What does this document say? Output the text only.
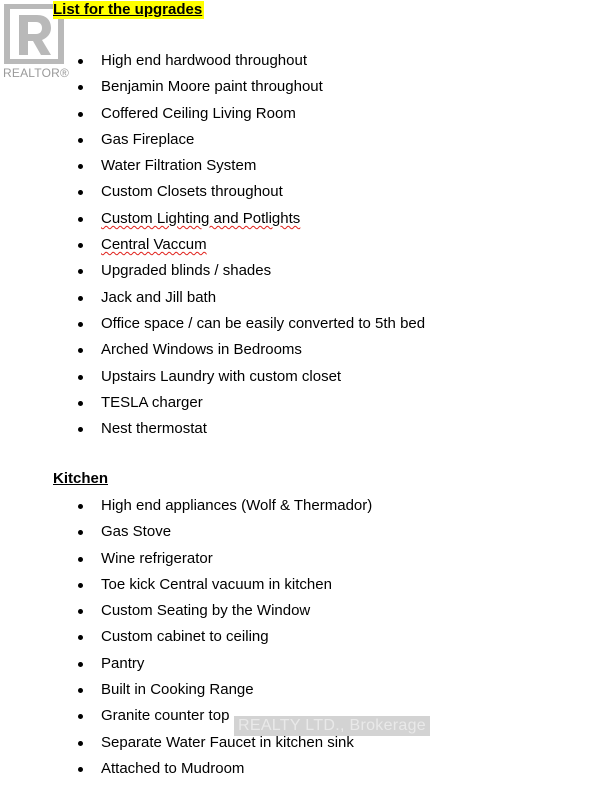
REALTOR®
List for the upgrades
High end hardwood throughout
Benjamin Moore paint throughout
Coffered Ceiling Living Room
Gas Fireplace
Water Filtration System
Custom Closets throughout
Custom Lighting and Potlights
Central Vaccum
Upgraded blinds / shades
Jack and Jill bath
Office space / can be easily converted to 5th bed
Arched Windows in Bedrooms
Upstairs Laundry with custom closet
TESLA charger
Nest thermostat
Kitchen
High end appliances (Wolf & Thermador)
Gas Stove
Wine refrigerator
Toe kick Central vacuum in kitchen
Custom Seating by the Window
Custom cabinet to ceiling
Pantry
Built in Cooking Range
Granite counter top
Separate Water Faucet in kitchen sink
Attached to Mudroom
REALTY LTD., Brokerage
